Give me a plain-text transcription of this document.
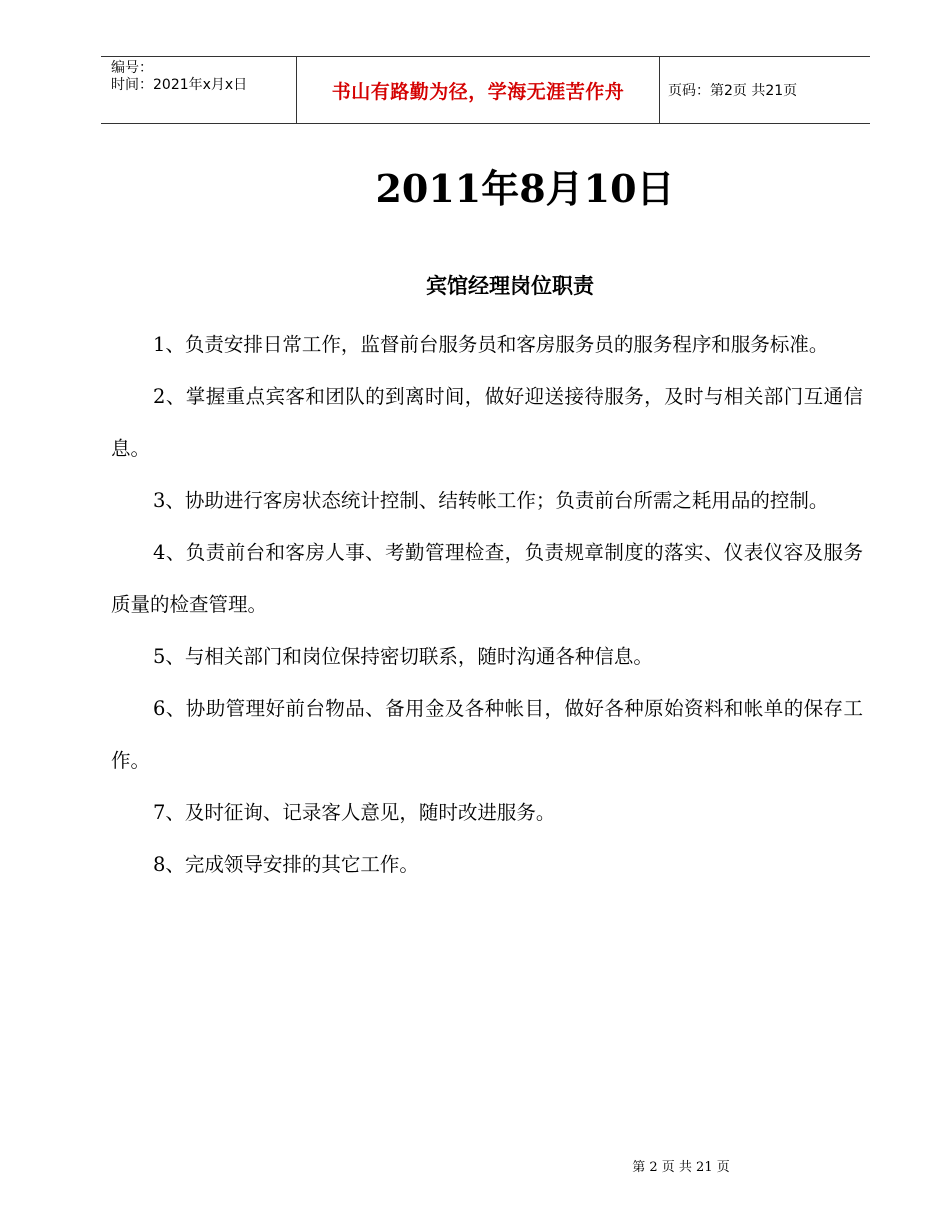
编号：
时间：2021年x月x日	书山有路勤为径，学海无涯苦作舟	页码：第2页 共21页
2011年8月10日
宾馆经理岗位职责
1、负责安排日常工作，监督前台服务员和客房服务员的服务程序和服务标准。
2、掌握重点宾客和团队的到离时间，做好迎送接待服务，及时与相关部门互通信息。
3、协助进行客房状态统计控制、结转帐工作；负责前台所需之耗用品的控制。
4、负责前台和客房人事、考勤管理检查，负责规章制度的落实、仪表仪容及服务质量的检查管理。
5、与相关部门和岗位保持密切联系，随时沟通各种信息。
6、协助管理好前台物品、备用金及各种帐目，做好各种原始资料和帐单的保存工作。
7、及时征询、记录客人意见，随时改进服务。
8、完成领导安排的其它工作。
第 2 页 共 21 页
